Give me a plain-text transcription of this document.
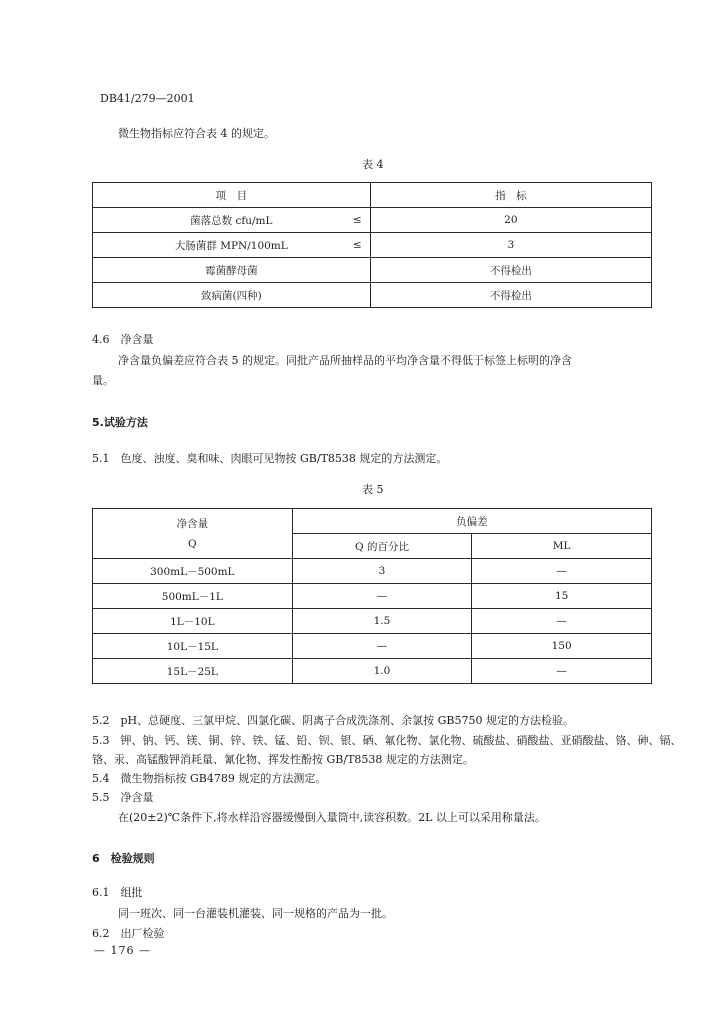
DB41/279—2001
微生物指标应符合表 4 的规定。
表 4
项　目	指　标
菌落总数 cfu/mL ≤	20
大肠菌群 MPN/100mL ≤	3
霉菌酵母菌	不得检出
致病菌(四种)	不得检出
4.6　净含量
净含量负偏差应符合表 5 的规定。同批产品所抽样品的平均净含量不得低于标签上标明的净含
量。
5.试验方法
5.1　色度、浊度、臭和味、肉眼可见物按 GB/T8538 规定的方法测定。
表 5
净含量
Q	负偏差	
	Q 的百分比	ML
300mL－500mL	3	—
500mL－1L	—	15
1L－10L	1.5	—
10L－15L	—	150
15L－25L	1.0	—
5.2　pH、总硬度、三氯甲烷、四氯化碳、阴离子合成洗涤剂、余氯按 GB5750 规定的方法检验。
5.3　钾、钠、钙、镁、铜、锌、铁、锰、铅、钡、银、硒、氟化物、氯化物、硫酸盐、硝酸盐、亚硝酸盐、铬、砷、镉、
铬、汞、高锰酸钾消耗量、氰化物、挥发性酚按 GB/T8538 规定的方法测定。
5.4　微生物指标按 GB4789 规定的方法测定。
5.5　净含量
在(20±2)℃条件下,将水样沿容器缓慢倒入量筒中,读容积数。2L 以上可以采用称量法。
6　检验规则
6.1　组批
同一班次、同一台灌装机灌装、同一规格的产品为一批。
6.2　出厂检验
— 176 —
